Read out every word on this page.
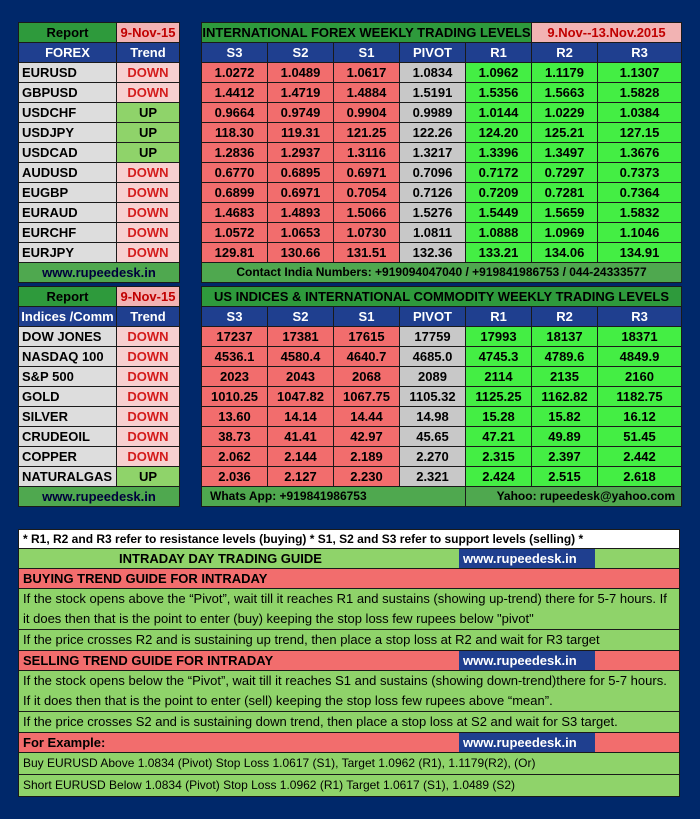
Report	9-Nov-15		INTERNATIONAL FOREX WEEKLY TRADING LEVELS					9.Nov--13.Nov.2015	
FOREX	Trend		S3	S2	S1	PIVOT	R1	R2	R3
EURUSD	DOWN		1.0272	1.0489	1.0617	1.0834	1.0962	1.1179	1.1307
GBPUSD	DOWN		1.4412	1.4719	1.4884	1.5191	1.5356	1.5663	1.5828
USDCHF	UP		0.9664	0.9749	0.9904	0.9989	1.0144	1.0229	1.0384
USDJPY	UP		118.30	119.31	121.25	122.26	124.20	125.21	127.15
USDCAD	UP		1.2836	1.2937	1.3116	1.3217	1.3396	1.3497	1.3676
AUDUSD	DOWN		0.6770	0.6895	0.6971	0.7096	0.7172	0.7297	0.7373
EUGBP	DOWN		0.6899	0.6971	0.7054	0.7126	0.7209	0.7281	0.7364
EURAUD	DOWN		1.4683	1.4893	1.5066	1.5276	1.5449	1.5659	1.5832
EURCHF	DOWN		1.0572	1.0653	1.0730	1.0811	1.0888	1.0969	1.1046
EURJPY	DOWN		129.81	130.66	131.51	132.36	133.21	134.06	134.91
www.rupeedesk.in			Contact India Numbers: +919094047040 / +919841986753 / 044-24333577						
Report	9-Nov-15		US INDICES & INTERNATIONAL COMMODITY WEEKLY TRADING LEVELS						
Indices /Comm	Trend		S3	S2	S1	PIVOT	R1	R2	R3
DOW JONES	DOWN		17237	17381	17615	17759	17993	18137	18371
NASDAQ 100	DOWN		4536.1	4580.4	4640.7	4685.0	4745.3	4789.6	4849.9
S&P 500	DOWN		2023	2043	2068	2089	2114	2135	2160
GOLD	DOWN		1010.25	1047.82	1067.75	1105.32	1125.25	1162.82	1182.75
SILVER	DOWN		13.60	14.14	14.44	14.98	15.28	15.82	16.12
CRUDEOIL	DOWN		38.73	41.41	42.97	45.65	47.21	49.89	51.45
COPPER	DOWN		2.062	2.144	2.189	2.270	2.315	2.397	2.442
NATURALGAS	UP		2.036	2.127	2.230	2.321	2.424	2.515	2.618
www.rupeedesk.in			Whats App: +919841986753				Yahoo: rupeedesk@yahoo.com		
* R1, R2 and R3 refer to resistance levels (buying) * S1, S2 and S3 refer to support levels (selling) *
INTRADAY DAY TRADING GUIDE	www.rupeedesk.in
BUYING TREND GUIDE FOR INTRADAY
If the stock opens above the “Pivot”, wait till it reaches R1 and sustains (showing up-trend) there for 5-7 hours. If it does then that is the point to enter (buy) keeping the stop loss few rupees below "pivot"
If the price crosses R2 and is sustaining up trend, then place a stop loss at R2 and wait for R3 target
SELLING TREND GUIDE FOR INTRADAY	www.rupeedesk.in
If the stock opens below the “Pivot”, wait till it reaches S1 and sustains (showing down-trend)there for 5-7 hours. If it does then that is the point to enter (sell) keeping the stop loss few rupees above “mean”.
If the price crosses S2 and is sustaining down trend, then place a stop loss at S2 and wait for S3 target.
For Example:	www.rupeedesk.in
Buy EURUSD Above 1.0834 (Pivot) Stop Loss 1.0617 (S1), Target 1.0962 (R1), 1.1179(R2), (Or)
Short EURUSD Below 1.0834 (Pivot) Stop Loss 1.0962 (R1) Target 1.0617 (S1), 1.0489 (S2)
